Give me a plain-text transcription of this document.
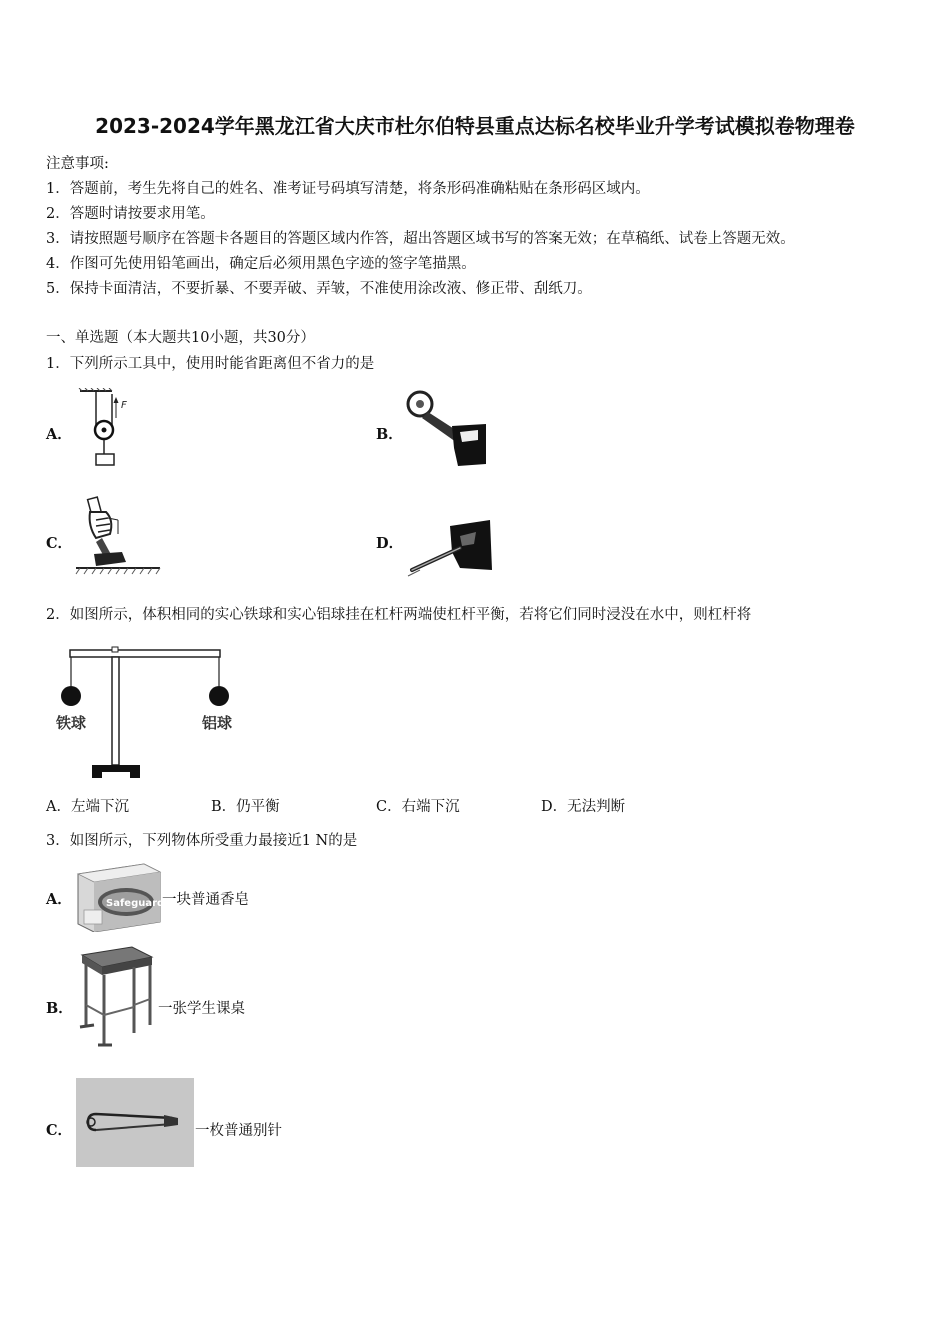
2023-2024学年黑龙江省大庆市杜尔伯特县重点达标名校毕业升学考试模拟卷物理卷
注意事项:
1．答题前，考生先将自己的姓名、准考证号码填写清楚，将条形码准确粘贴在条形码区域内。
2．答题时请按要求用笔。
3．请按照题号顺序在答题卡各题目的答题区域内作答，超出答题区域书写的答案无效；在草稿纸、试卷上答题无效。
4．作图可先使用铅笔画出，确定后必须用黑色字迹的签字笔描黑。
5．保持卡面清洁，不要折暴、不要弄破、弄皱，不准使用涂改液、修正带、刮纸刀。
一、单选题（本大题共10小题，共30分）
1．下列所示工具中，使用时能省距离但不省力的是
A．
F
B．
C．	D．
2．如图所示，体积相同的实心铁球和实心铝球挂在杠杆两端使杠杆平衡，若将它们同时浸没在水中，则杠杆将
铁球	铝球
A．左端下沉	B．仍平衡	C．右端下沉	D．无法判断
3．如图所示，下列物体所受重力最接近1 N的是
A．	Safeguard
一块普通香皂
B．	一张学生课桌
C．	一枚普通别针
